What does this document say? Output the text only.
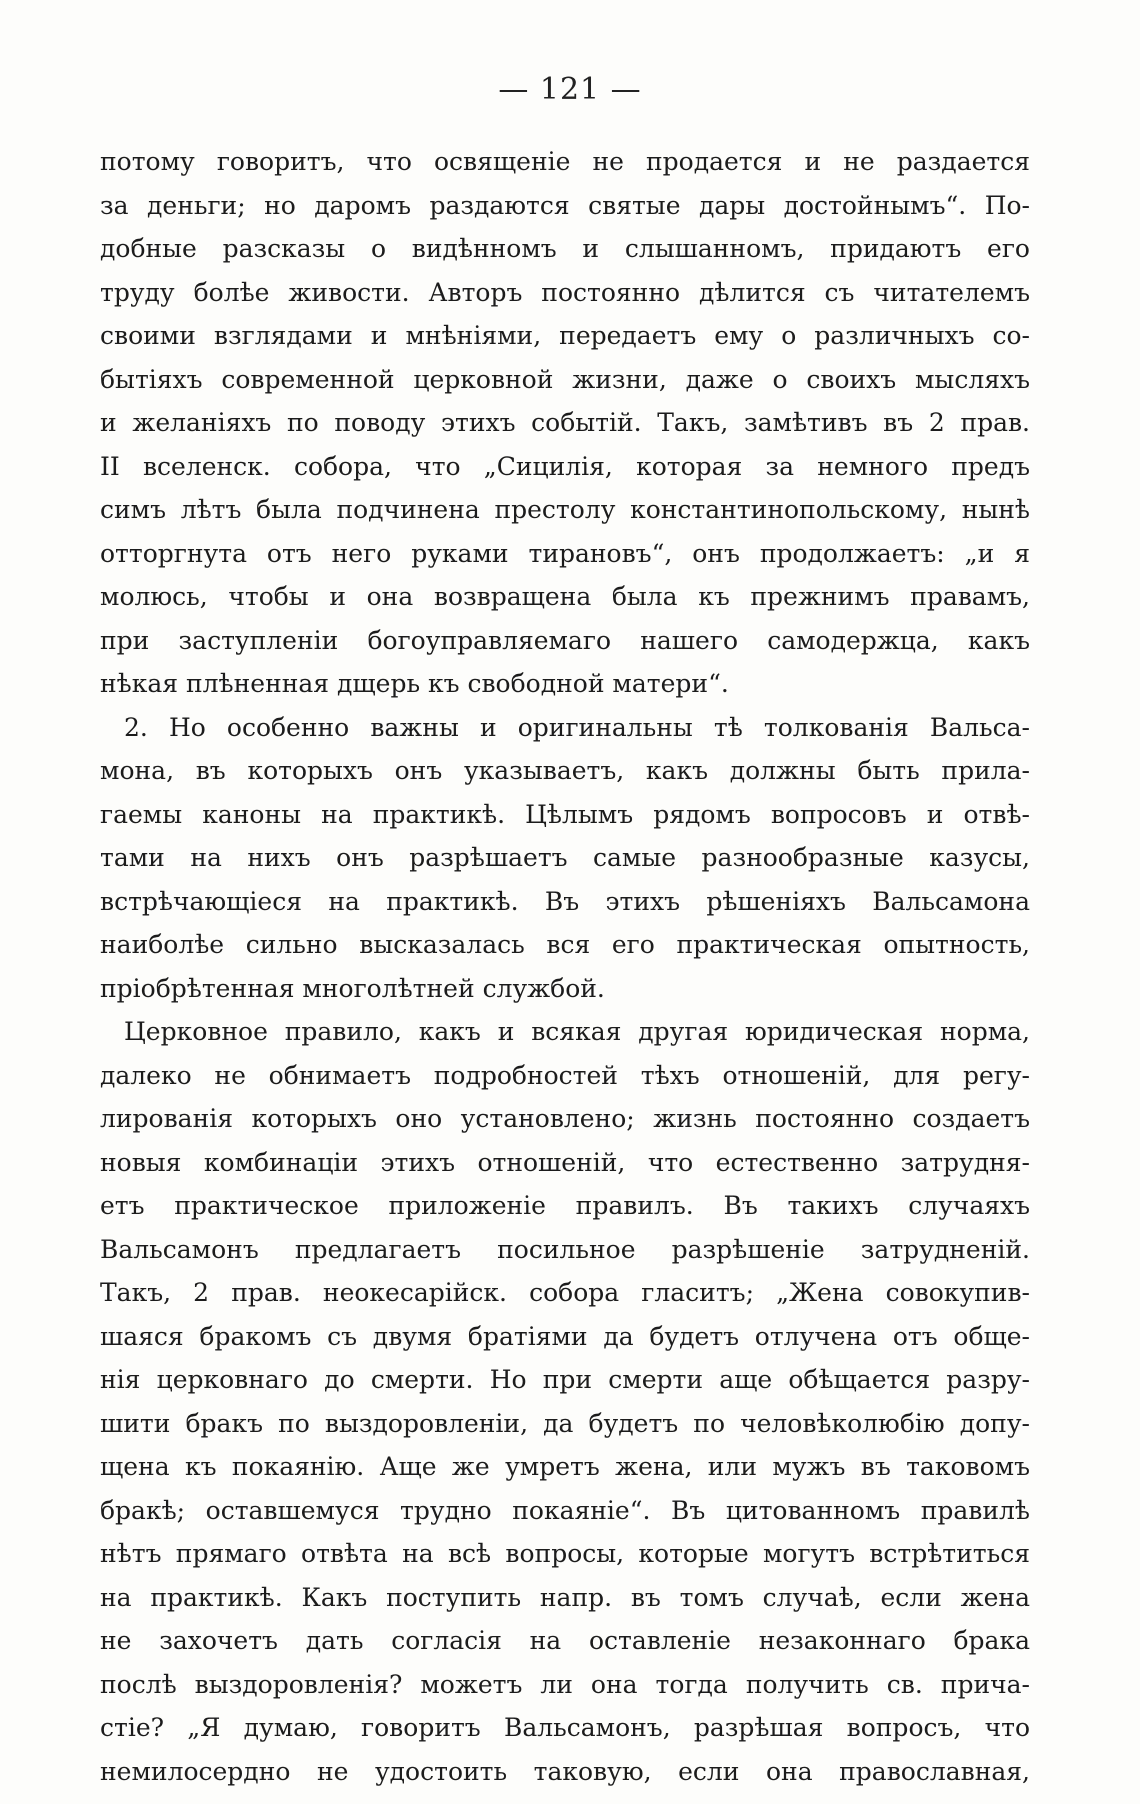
— 121 —
потому говоритъ, что освященіе не продается и не раздается
за деньги; но даромъ раздаются святые дары достойнымъ“. По-
добные разсказы о видѣнномъ и слышанномъ, придаютъ его
труду болѣе живости. Авторъ постоянно дѣлится съ читателемъ
своими взглядами и мнѣніями, передаетъ ему о различныхъ со-
бытіяхъ современной церковной жизни, даже о своихъ мысляхъ
и желаніяхъ по поводу этихъ событій. Такъ, замѣтивъ въ 2 прав.
II вселенск. собора, что „Сицилія, которая за немного предъ
симъ лѣтъ была подчинена престолу константинопольскому, нынѣ
отторгнута отъ него руками тирановъ“, онъ продолжаетъ: „и я
молюсь, чтобы и она возвращена была къ прежнимъ правамъ,
при заступленіи богоуправляемаго нашего самодержца, какъ
нѣкая плѣненная дщерь къ свободной матери“.
2. Но особенно важны и оригинальны тѣ толкованія Вальса-
мона, въ которыхъ онъ указываетъ, какъ должны быть прила-
гаемы каноны на практикѣ. Цѣлымъ рядомъ вопросовъ и отвѣ-
тами на нихъ онъ разрѣшаетъ самые разнообразные казусы,
встрѣчающіеся на практикѣ. Въ этихъ рѣшеніяхъ Вальсамона
наиболѣе сильно высказалась вся его практическая опытность,
пріобрѣтенная многолѣтней службой.
Церковное правило, какъ и всякая другая юридическая норма,
далеко не обнимаетъ подробностей тѣхъ отношеній, для регу-
лированія которыхъ оно установлено; жизнь постоянно создаетъ
новыя комбинаціи этихъ отношеній, что естественно затрудня-
етъ практическое приложеніе правилъ. Въ такихъ случаяхъ
Вальсамонъ предлагаетъ посильное разрѣшеніе затрудненій.
Такъ, 2 прав. неокесарійск. собора гласитъ; „Жена совокупив-
шаяся бракомъ съ двумя братіями да будетъ отлучена отъ обще-
нія церковнаго до смерти. Но при смерти аще обѣщается разру-
шити бракъ по выздоровленіи, да будетъ по человѣколюбію допу-
щена къ покаянію. Аще же умретъ жена, или мужъ въ таковомъ
бракѣ; оставшемуся трудно покаяніе“. Въ цитованномъ правилѣ
нѣтъ прямаго отвѣта на всѣ вопросы, которые могутъ встрѣтиться
на практикѣ. Какъ поступить напр. въ томъ случаѣ, если жена
не захочетъ дать согласія на оставленіе незаконнаго брака
послѣ выздоровленія? можетъ ли она тогда получить св. прича-
стіе? „Я думаю, говоритъ Вальсамонъ, разрѣшая вопросъ, что
немилосердно не удостоить таковую, если она православная,
